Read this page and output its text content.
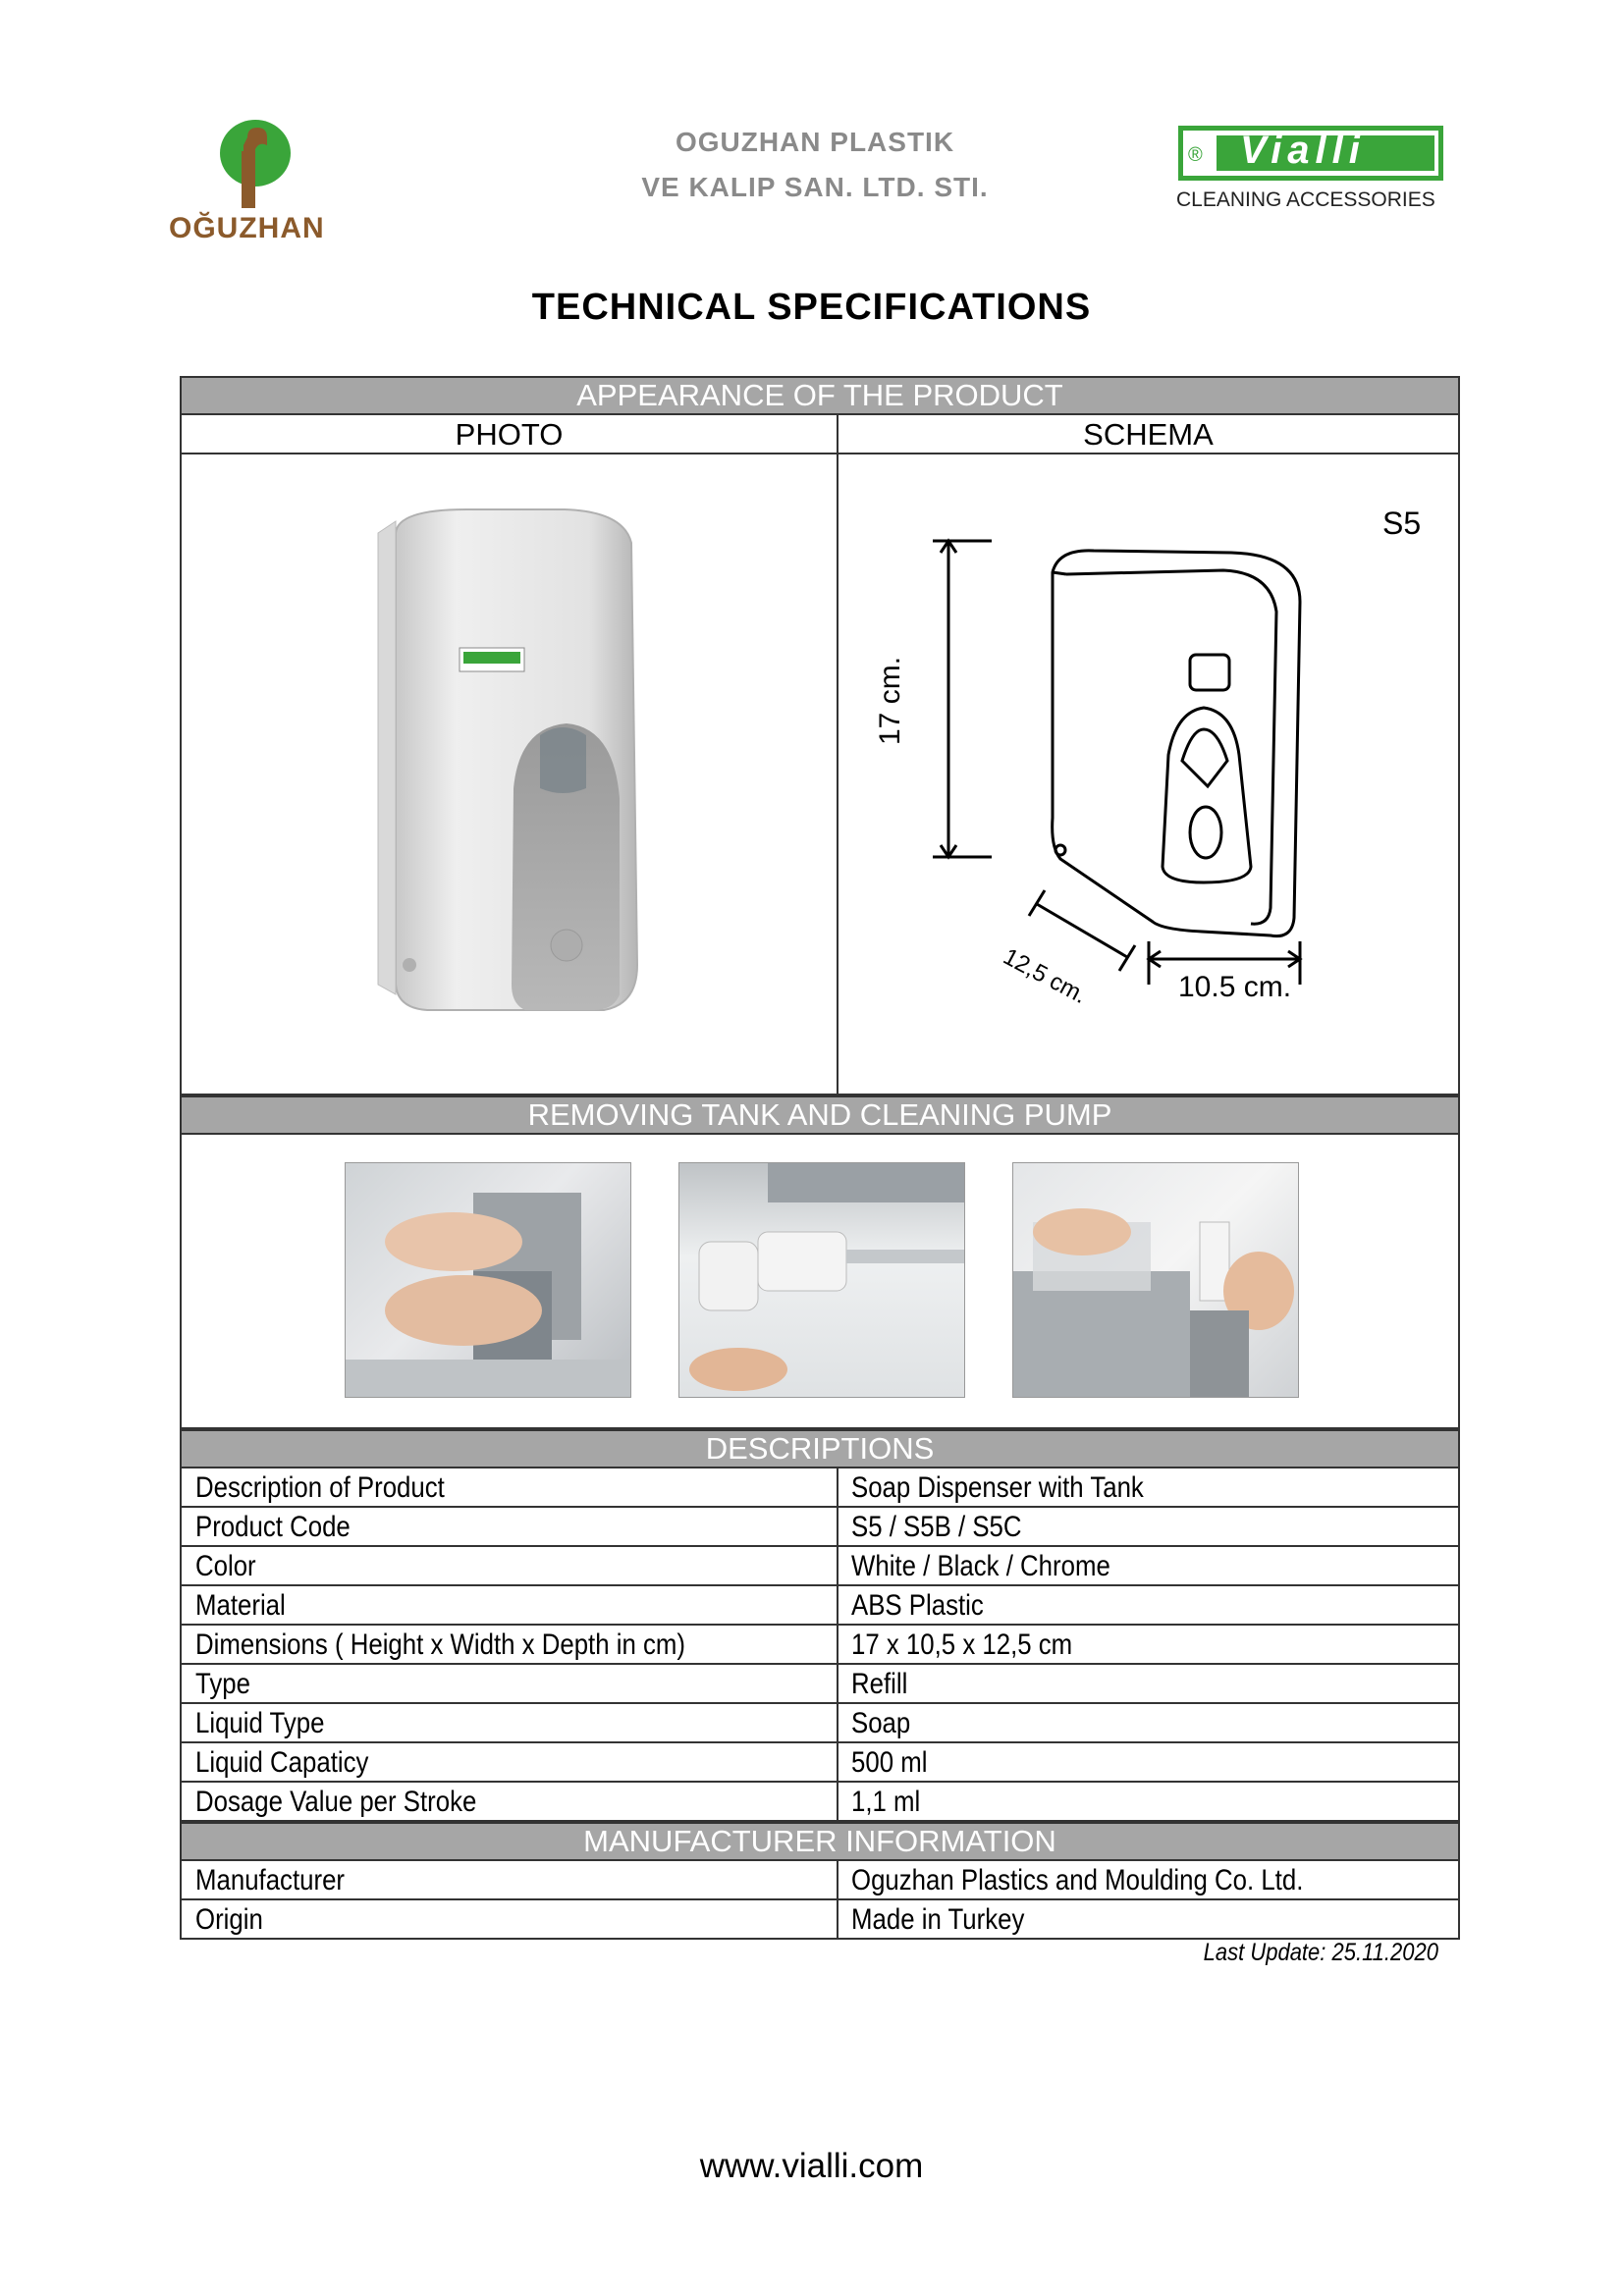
OĞUZHAN
OGUZHAN PLASTIK
VE KALIP SAN. LTD. STI.
® Vialli
CLEANING ACCESSORIES
TECHNICAL SPECIFICATIONS
APPEARANCE OF THE PRODUCT
PHOTO	SCHEMA
S5
17 cm.
12,5 cm.	10.5 cm.
REMOVING TANK AND CLEANING PUMP
DESCRIPTIONS
Description of Product	Soap Dispenser with Tank
Product Code	S5 / S5B / S5C
Color	White / Black / Chrome
Material	ABS Plastic
Dimensions ( Height x Width x Depth in cm)	17 x 10,5 x 12,5 cm
Type	Refill
Liquid Type	Soap
Liquid Capaticy	500 ml
Dosage Value per Stroke	1,1 ml
MANUFACTURER INFORMATION
Manufacturer	Oguzhan Plastics and Moulding Co. Ltd.
Origin	Made in Turkey
Last Update: 25.11.2020
www.vialli.com
